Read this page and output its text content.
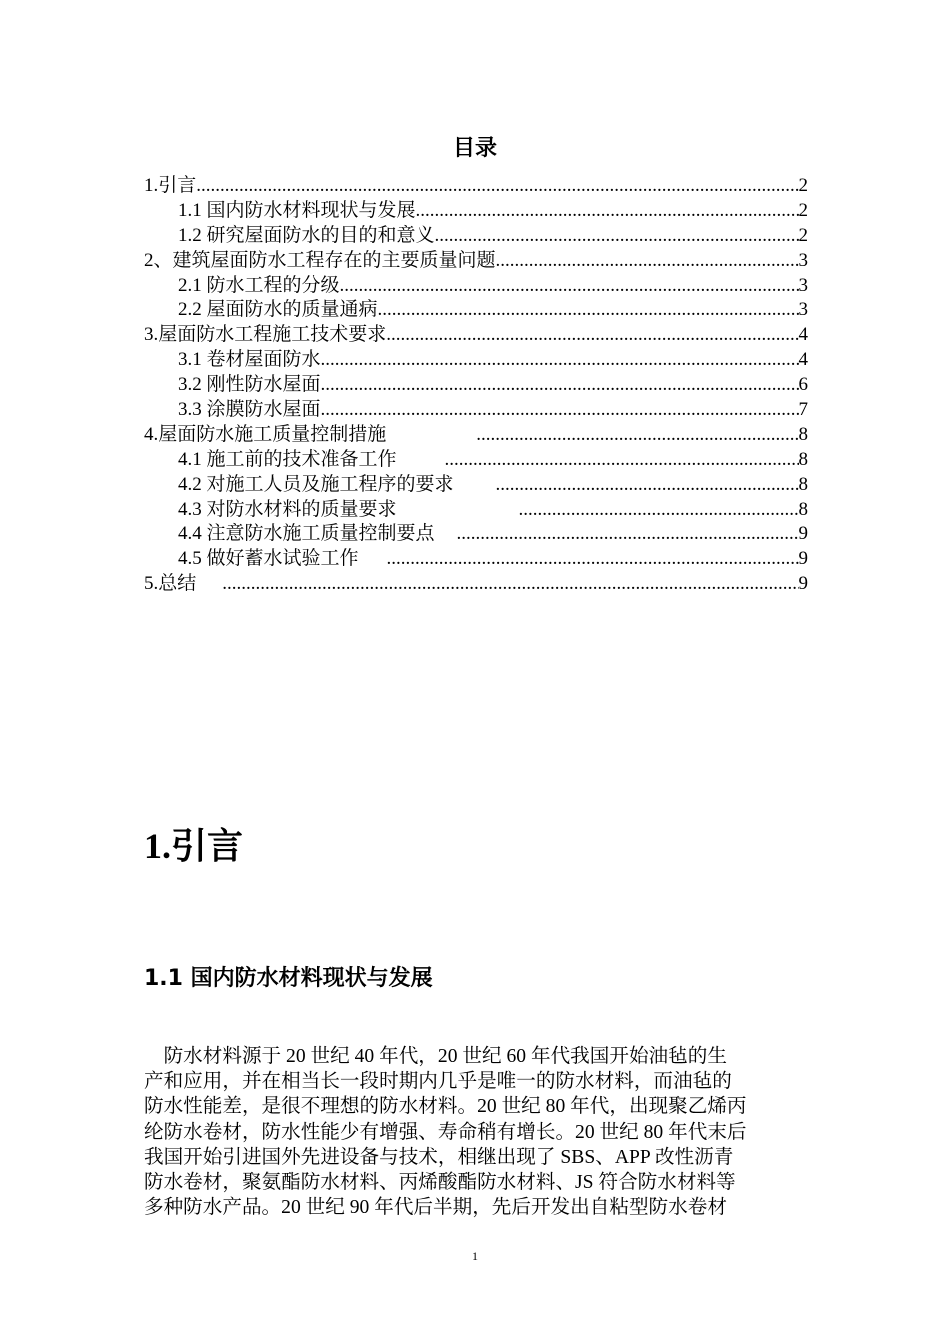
目录
1.引言 .....	2
1.1 国内防水材料现状与发展 .....	2
1.2 研究屋面防水的目的和意义 .....	2
2、建筑屋面防水工程存在的主要质量问题 .....	3
2.1 防水工程的分级 .....	3
2.2 屋面防水的质量通病 .....	3
3.屋面防水工程施工技术要求 .....	4
3.1 卷材屋面防水 .....	4
3.2 刚性防水屋面 .....	6
3.3 涂膜防水屋面 .....	7
4.屋面防水施工质量控制措施 .....	8
4.1 施工前的技术准备工作 .....	8
4.2 对施工人员及施工程序的要求 .....	8
4.3 对防水材料的质量要求 .....	8
4.4 注意防水施工质量控制要点 .....	9
4.5 做好蓄水试验工作 .....	9
5.总结 .....	9
1.引言
1.1 国内防水材料现状与发展
　防水材料源于 20 世纪 40 年代，20 世纪 60 年代我国开始油毡的生
产和应用，并在相当长一段时期内几乎是唯一的防水材料，而油毡的
防水性能差，是很不理想的防水材料。20 世纪 80 年代，出现聚乙烯丙
纶防水卷材，防水性能少有增强、寿命稍有增长。20 世纪 80 年代末后
我国开始引进国外先进设备与技术，相继出现了 SBS、APP 改性沥青
防水卷材，聚氨酯防水材料、丙烯酸酯防水材料、JS 符合防水材料等
多种防水产品。20 世纪 90 年代后半期，先后开发出自粘型防水卷材
1
